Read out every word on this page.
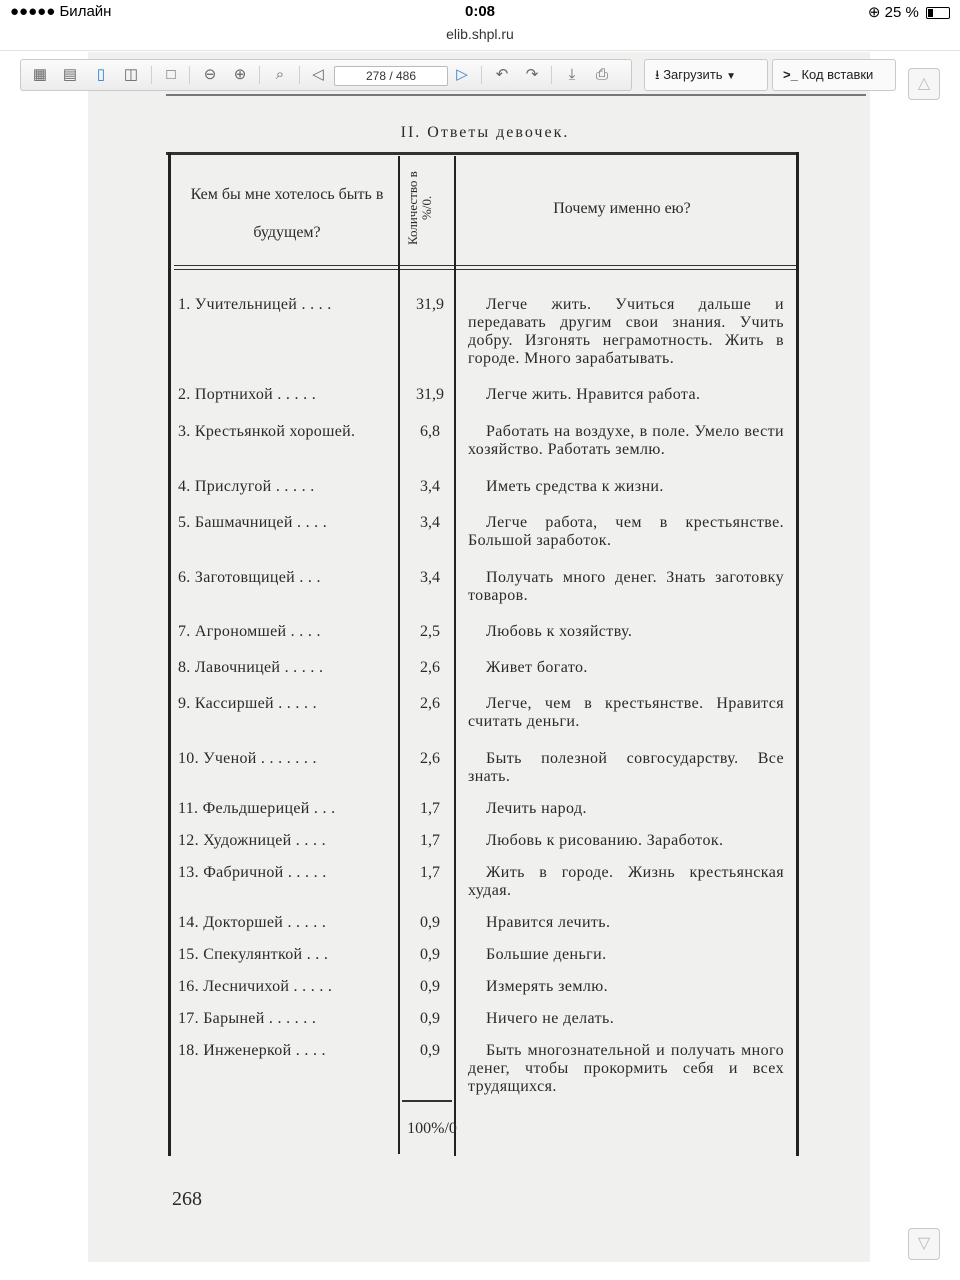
●●●●● Билайн	0:08	⊕ 25 %
elib.shpl.ru
▦ ▤	▯	◫	□	⊖	⊕	⌕	◁	278 / 486	▷	↶	↷	⤓	⎙	⭳ Загрузить ▼	>_ Код вставки
△
▽
II. Ответы девочек.
Кем бы мне хотелось быть в будущем?	Количество в %/0.	Почему именно ею?
1. Учительницей . . . .	31,9	Легче жить. Учиться дальше и передавать другим свои знания. Учить добру. Изгонять неграмотность. Жить в городе. Много зарабатывать.
2. Портнихой . . . . .	31,9	Легче жить. Нравится работа.
3. Крестьянкой хорошей.	6,8	Работать на воздухе, в поле. Умело вести хозяйство. Работать землю.
4. Прислугой . . . . .	3,4	Иметь средства к жизни.
5. Башмачницей . . . .	3,4	Легче работа, чем в крестьянстве. Большой заработок.
6. Заготовщицей . . .	3,4	Получать много денег. Знать заготовку товаров.
7. Агрономшей . . . .	2,5	Любовь к хозяйству.
8. Лавочницей . . . . .	2,6	Живет богато.
9. Кассиршей . . . . .	2,6	Легче, чем в крестьянстве. Нравится считать деньги.
10. Ученой . . . . . . .	2,6	Быть полезной совгосударству. Все знать.
11. Фельдшерицей . . .	1,7	Лечить народ.
12. Художницей . . . .	1,7	Любовь к рисованию. Заработок.
13. Фабричной . . . . .	1,7	Жить в городе. Жизнь крестьянская худая.
14. Докторшей . . . . .	0,9	Нравится лечить.
15. Спекулянткой . . .	0,9	Большие деньги.
16. Лесничихой . . . . .	0,9	Измерять землю.
17. Барыней . . . . . .	0,9	Ничего не делать.
18. Инженеркой . . . .	0,9	Быть многознательной и получать много денег, чтобы прокормить себя и всех трудящихся.
100%/0
268
